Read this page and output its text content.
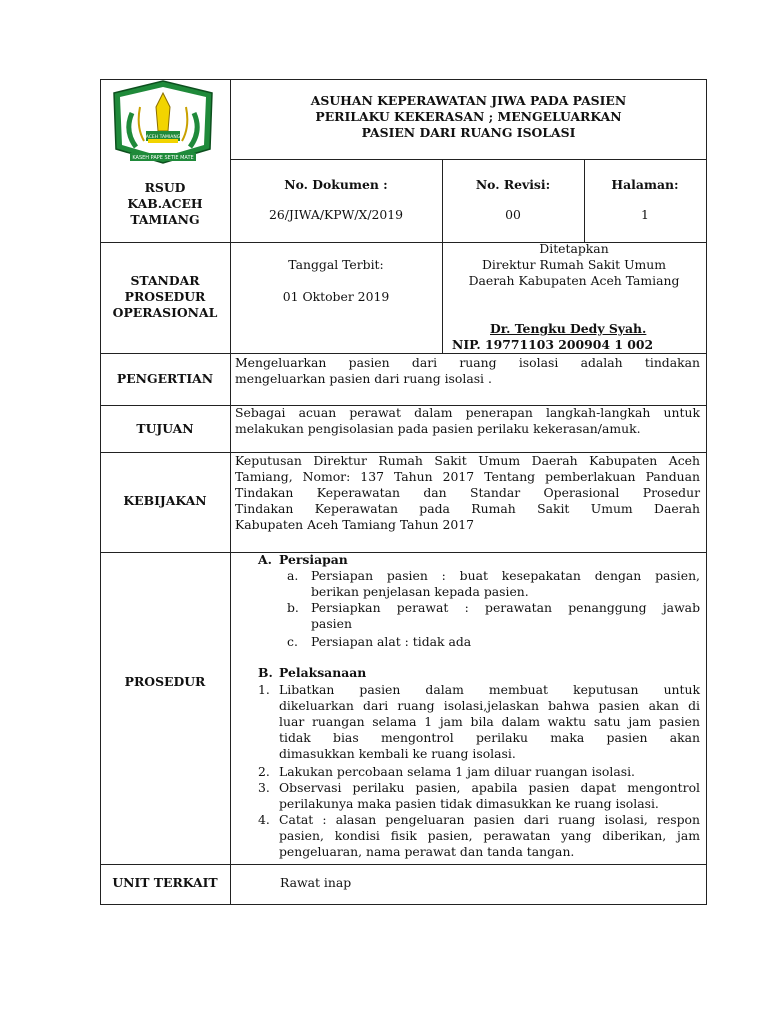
ACEH TAMIANG
KASEH PAPE SETIE MATE
RSUD
KAB.ACEH
TAMIANG
ASUHAN KEPERAWATAN JIWA PADA PASIEN
PERILAKU KEKERASAN ; MENGELUARKAN
PASIEN DARI RUANG ISOLASI
No. Dokumen :
26/JIWA/KPW/X/2019
No. Revisi:
00
Halaman:
1
STANDAR
PROSEDUR
OPERASIONAL
Tanggal Terbit:
01 Oktober 2019
Ditetapkan
Direktur Rumah Sakit Umum
Daerah Kabupaten Aceh Tamiang
Dr. Tengku Dedy Syah.
NIP. 19771103 200904 1 002
PENGERTIAN
Mengeluarkan pasien dari ruang isolasi adalah tindakan
mengeluarkan pasien dari ruang isolasi .
TUJUAN
Sebagai acuan perawat dalam penerapan langkah-langkah untuk
melakukan pengisolasian pada pasien perilaku kekerasan/amuk.
KEBIJAKAN
Keputusan Direktur Rumah Sakit Umum Daerah Kabupaten Aceh
Tamiang, Nomor: 137 Tahun 2017 Tentang pemberlakuan Panduan
Tindakan Keperawatan dan Standar Operasional Prosedur
Tindakan Keperawatan pada Rumah Sakit Umum Daerah
Kabupaten Aceh Tamiang Tahun 2017
PROSEDUR
A. Persiapan
a. Persiapan pasien : buat kesepakatan dengan pasien,
berikan penjelasan kepada pasien.
b. Persiapkan perawat : perawatan penanggung jawab
pasien
c. Persiapan alat : tidak ada
B. Pelaksanaan
1. Libatkan pasien dalam membuat keputusan untuk
dikeluarkan dari ruang isolasi,jelaskan bahwa pasien akan di
luar ruangan selama 1 jam bila dalam waktu satu jam pasien
tidak bias mengontrol perilaku maka pasien akan
dimasukkan kembali ke ruang isolasi.
2. Lakukan percobaan selama 1 jam diluar ruangan isolasi.
3. Observasi perilaku pasien, apabila pasien dapat mengontrol
perilakunya maka pasien tidak dimasukkan ke ruang isolasi.
4. Catat : alasan pengeluaran pasien dari ruang isolasi, respon
pasien, kondisi fisik pasien, perawatan yang diberikan, jam
pengeluaran, nama perawat dan tanda tangan.
UNIT TERKAIT	Rawat inap
